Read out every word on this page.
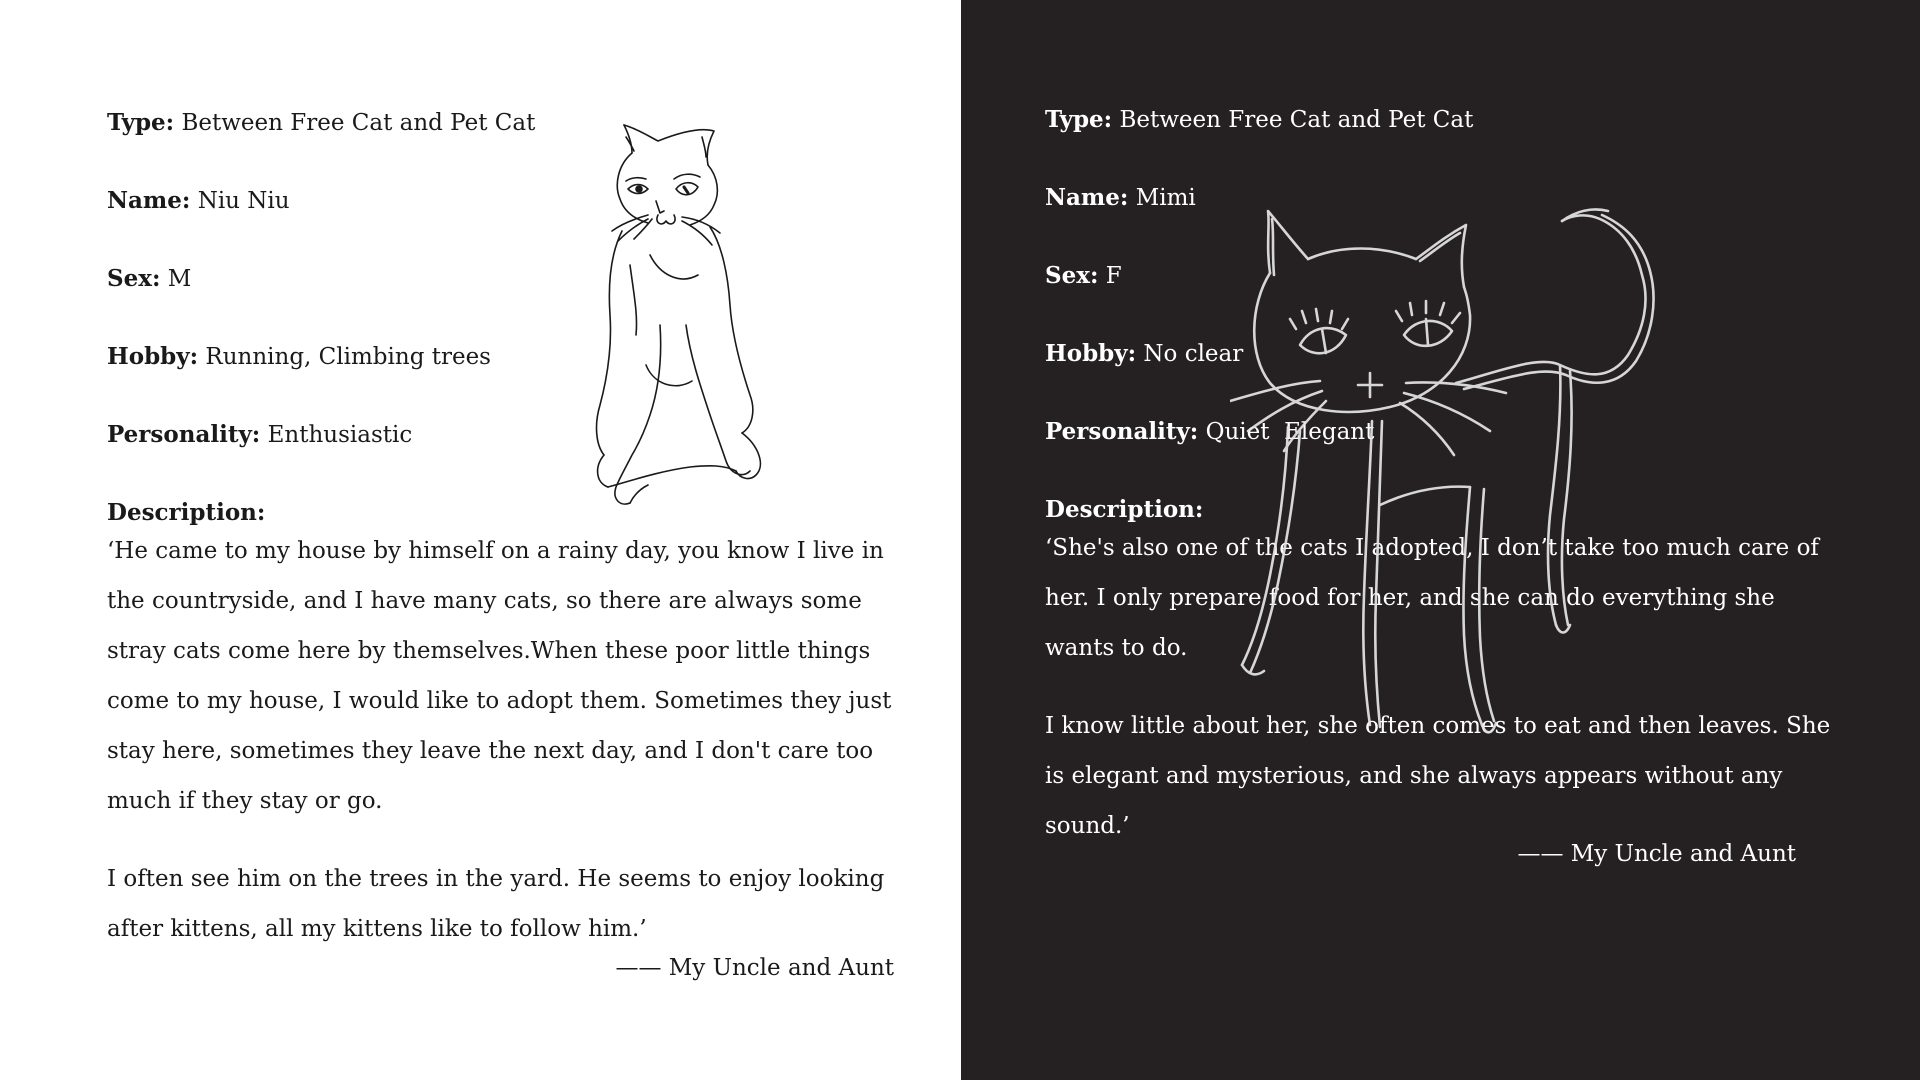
Type: Between Free Cat and Pet Cat
Name: Niu Niu
Sex: M
Hobby: Running, Climbing trees
Personality: Enthusiastic
Description:

‘He came to my house by himself on a rainy day, you know I live in the countryside, and I have many cats, so there are always some stray cats come here by themselves.When these poor little things come to my house, I would like to adopt them. Sometimes they just stay here, sometimes they leave the next day, and I don't care too much if they stay or go.

I often see him on the trees in the yard. He seems to enjoy looking after kittens, all my kittens like to follow him.’

—— My Uncle and Aunt
Type: Between Free Cat and Pet Cat
Name: Mimi
Sex: F
Hobby: No clear
Personality: Quiet  Elegant
Description:

‘She's also one of the cats I adopted, I don’t take too much care of her. I only prepare food for her, and she can do everything she wants to do.

I know little about her, she often comes to eat and then leaves. She is elegant and mysterious, and she always appears without any sound.’

—— My Uncle and Aunt
